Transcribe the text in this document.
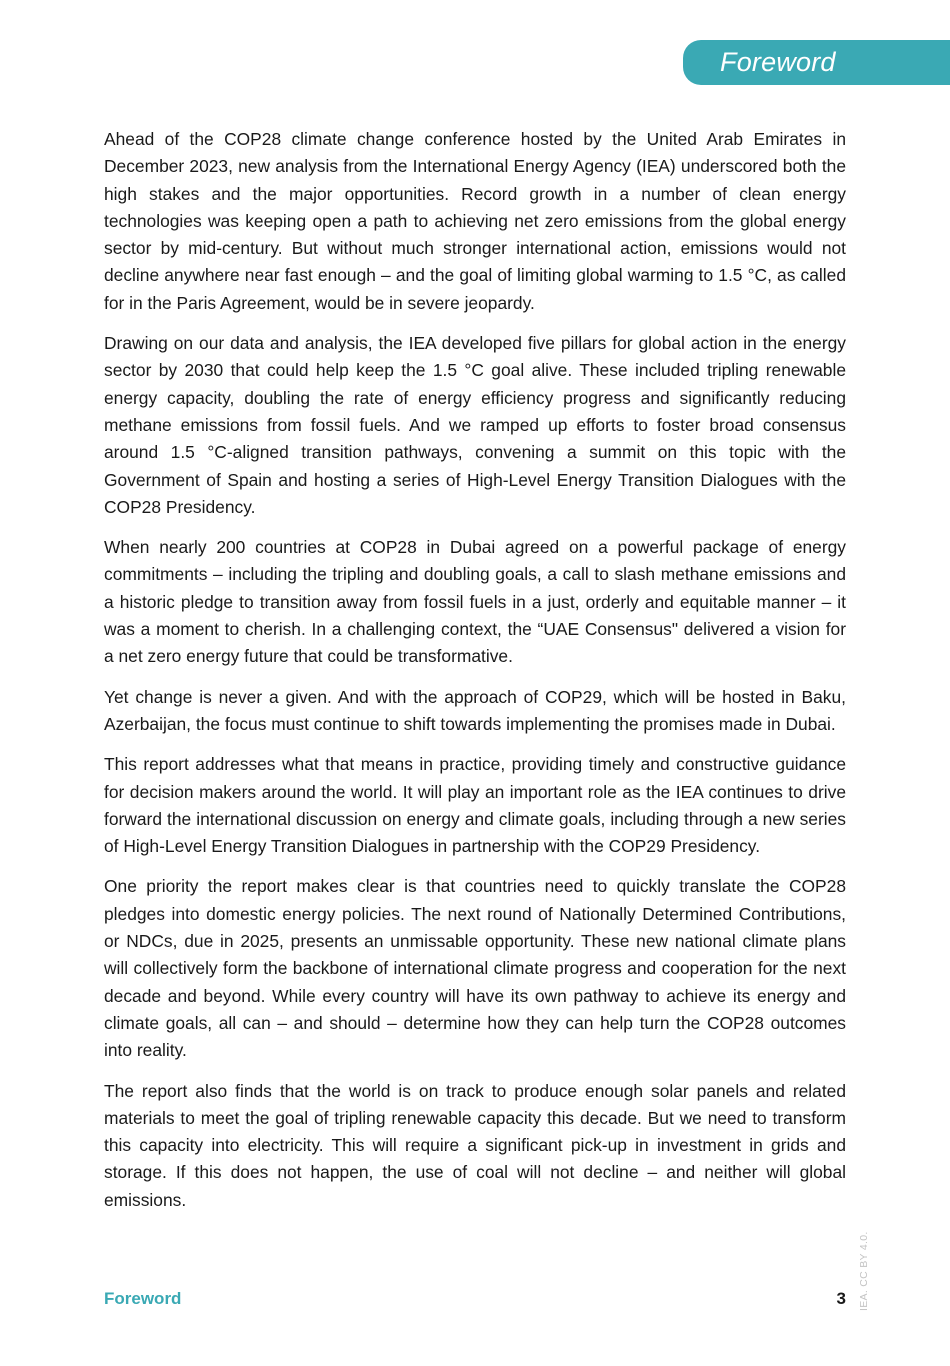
Foreword

Ahead of the COP28 climate change conference hosted by the United Arab Emirates in December 2023, new analysis from the International Energy Agency (IEA) underscored both the high stakes and the major opportunities. Record growth in a number of clean energy technologies was keeping open a path to achieving net zero emissions from the global energy sector by mid-century. But without much stronger international action, emissions would not decline anywhere near fast enough – and the goal of limiting global warming to 1.5 °C, as called for in the Paris Agreement, would be in severe jeopardy.

Drawing on our data and analysis, the IEA developed five pillars for global action in the energy sector by 2030 that could help keep the 1.5 °C goal alive. These included tripling renewable energy capacity, doubling the rate of energy efficiency progress and significantly reducing methane emissions from fossil fuels. And we ramped up efforts to foster broad consensus around 1.5 °C-aligned transition pathways, convening a summit on this topic with the Government of Spain and hosting a series of High-Level Energy Transition Dialogues with the COP28 Presidency.

When nearly 200 countries at COP28 in Dubai agreed on a powerful package of energy commitments – including the tripling and doubling goals, a call to slash methane emissions and a historic pledge to transition away from fossil fuels in a just, orderly and equitable manner – it was a moment to cherish. In a challenging context, the “UAE Consensus" delivered a vision for a net zero energy future that could be transformative.

Yet change is never a given. And with the approach of COP29, which will be hosted in Baku, Azerbaijan, the focus must continue to shift towards implementing the promises made in Dubai.

This report addresses what that means in practice, providing timely and constructive guidance for decision makers around the world. It will play an important role as the IEA continues to drive forward the international discussion on energy and climate goals, including through a new series of High-Level Energy Transition Dialogues in partnership with the COP29 Presidency.

One priority the report makes clear is that countries need to quickly translate the COP28 pledges into domestic energy policies. The next round of Nationally Determined Contributions, or NDCs, due in 2025, presents an unmissable opportunity. These new national climate plans will collectively form the backbone of international climate progress and cooperation for the next decade and beyond. While every country will have its own pathway to achieve its energy and climate goals, all can – and should – determine how they can help turn the COP28 outcomes into reality.

The report also finds that the world is on track to produce enough solar panels and related materials to meet the goal of tripling renewable capacity this decade. But we need to transform this capacity into electricity. This will require a significant pick-up in investment in grids and storage. If this does not happen, the use of coal will not decline – and neither will global emissions.

Foreword	3 IEA. CC BY 4.0.
